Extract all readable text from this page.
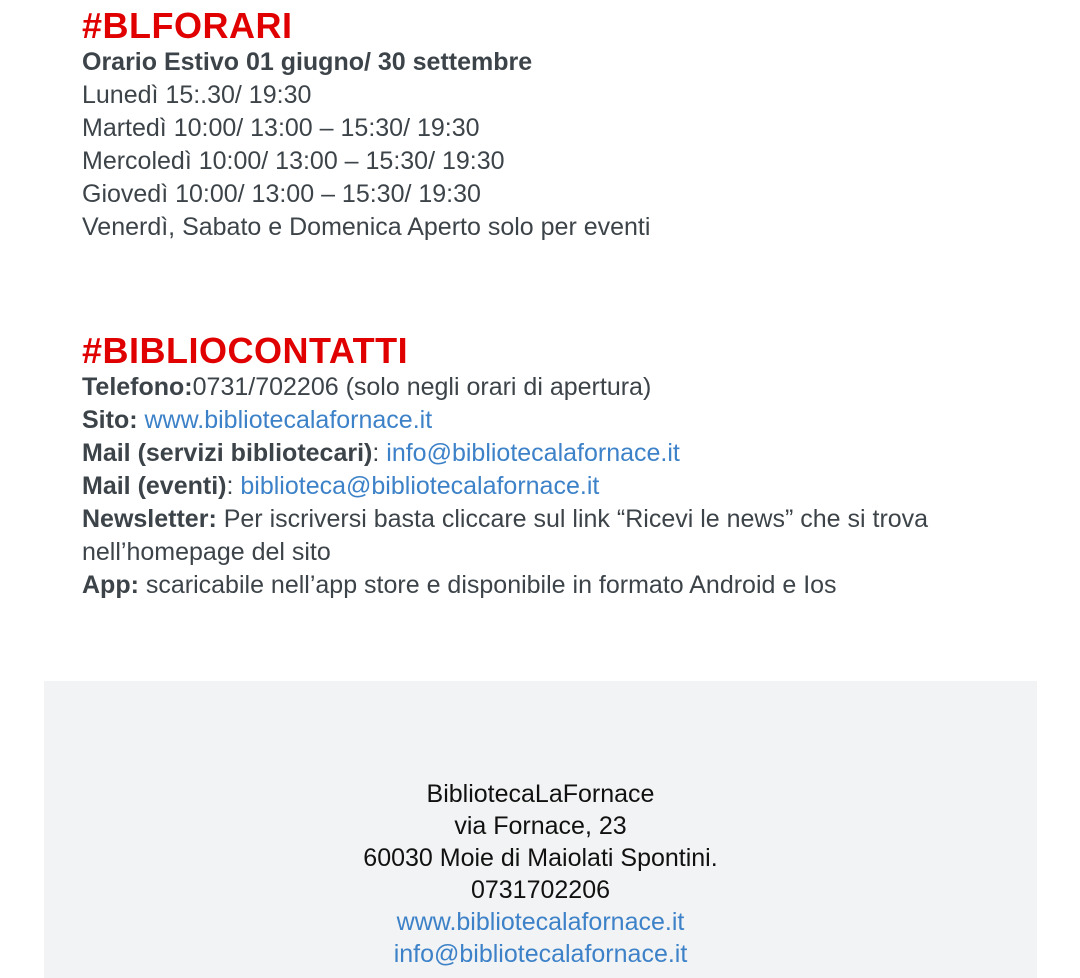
#BLFORARI

Orario Estivo 01 giugno/ 30 settembre

Lunedì 15:.30/ 19:30

Martedì 10:00/ 13:00 – 15:30/ 19:30

Mercoledì 10:00/ 13:00 – 15:30/ 19:30

Giovedì 10:00/ 13:00 – 15:30/ 19:30

Venerdì, Sabato e Domenica Aperto solo per eventi

#BIBLIOCONTATTI

Telefono:0731/702206 (solo negli orari di apertura)

Sito: www.bibliotecalafornace.it

Mail (servizi bibliotecari): info@bibliotecalafornace.it

Mail (eventi): biblioteca@bibliotecalafornace.it

Newsletter: Per iscriversi basta cliccare sul link “Ricevi le news” che si trova nell’homepage del sito

App: scaricabile nell’app store e disponibile in formato Android e Ios

BibliotecaLaFornace
via Fornace, 23
60030 Moie di Maiolati Spontini.
0731702206
www.bibliotecalafornace.it
info@bibliotecalafornace.it
